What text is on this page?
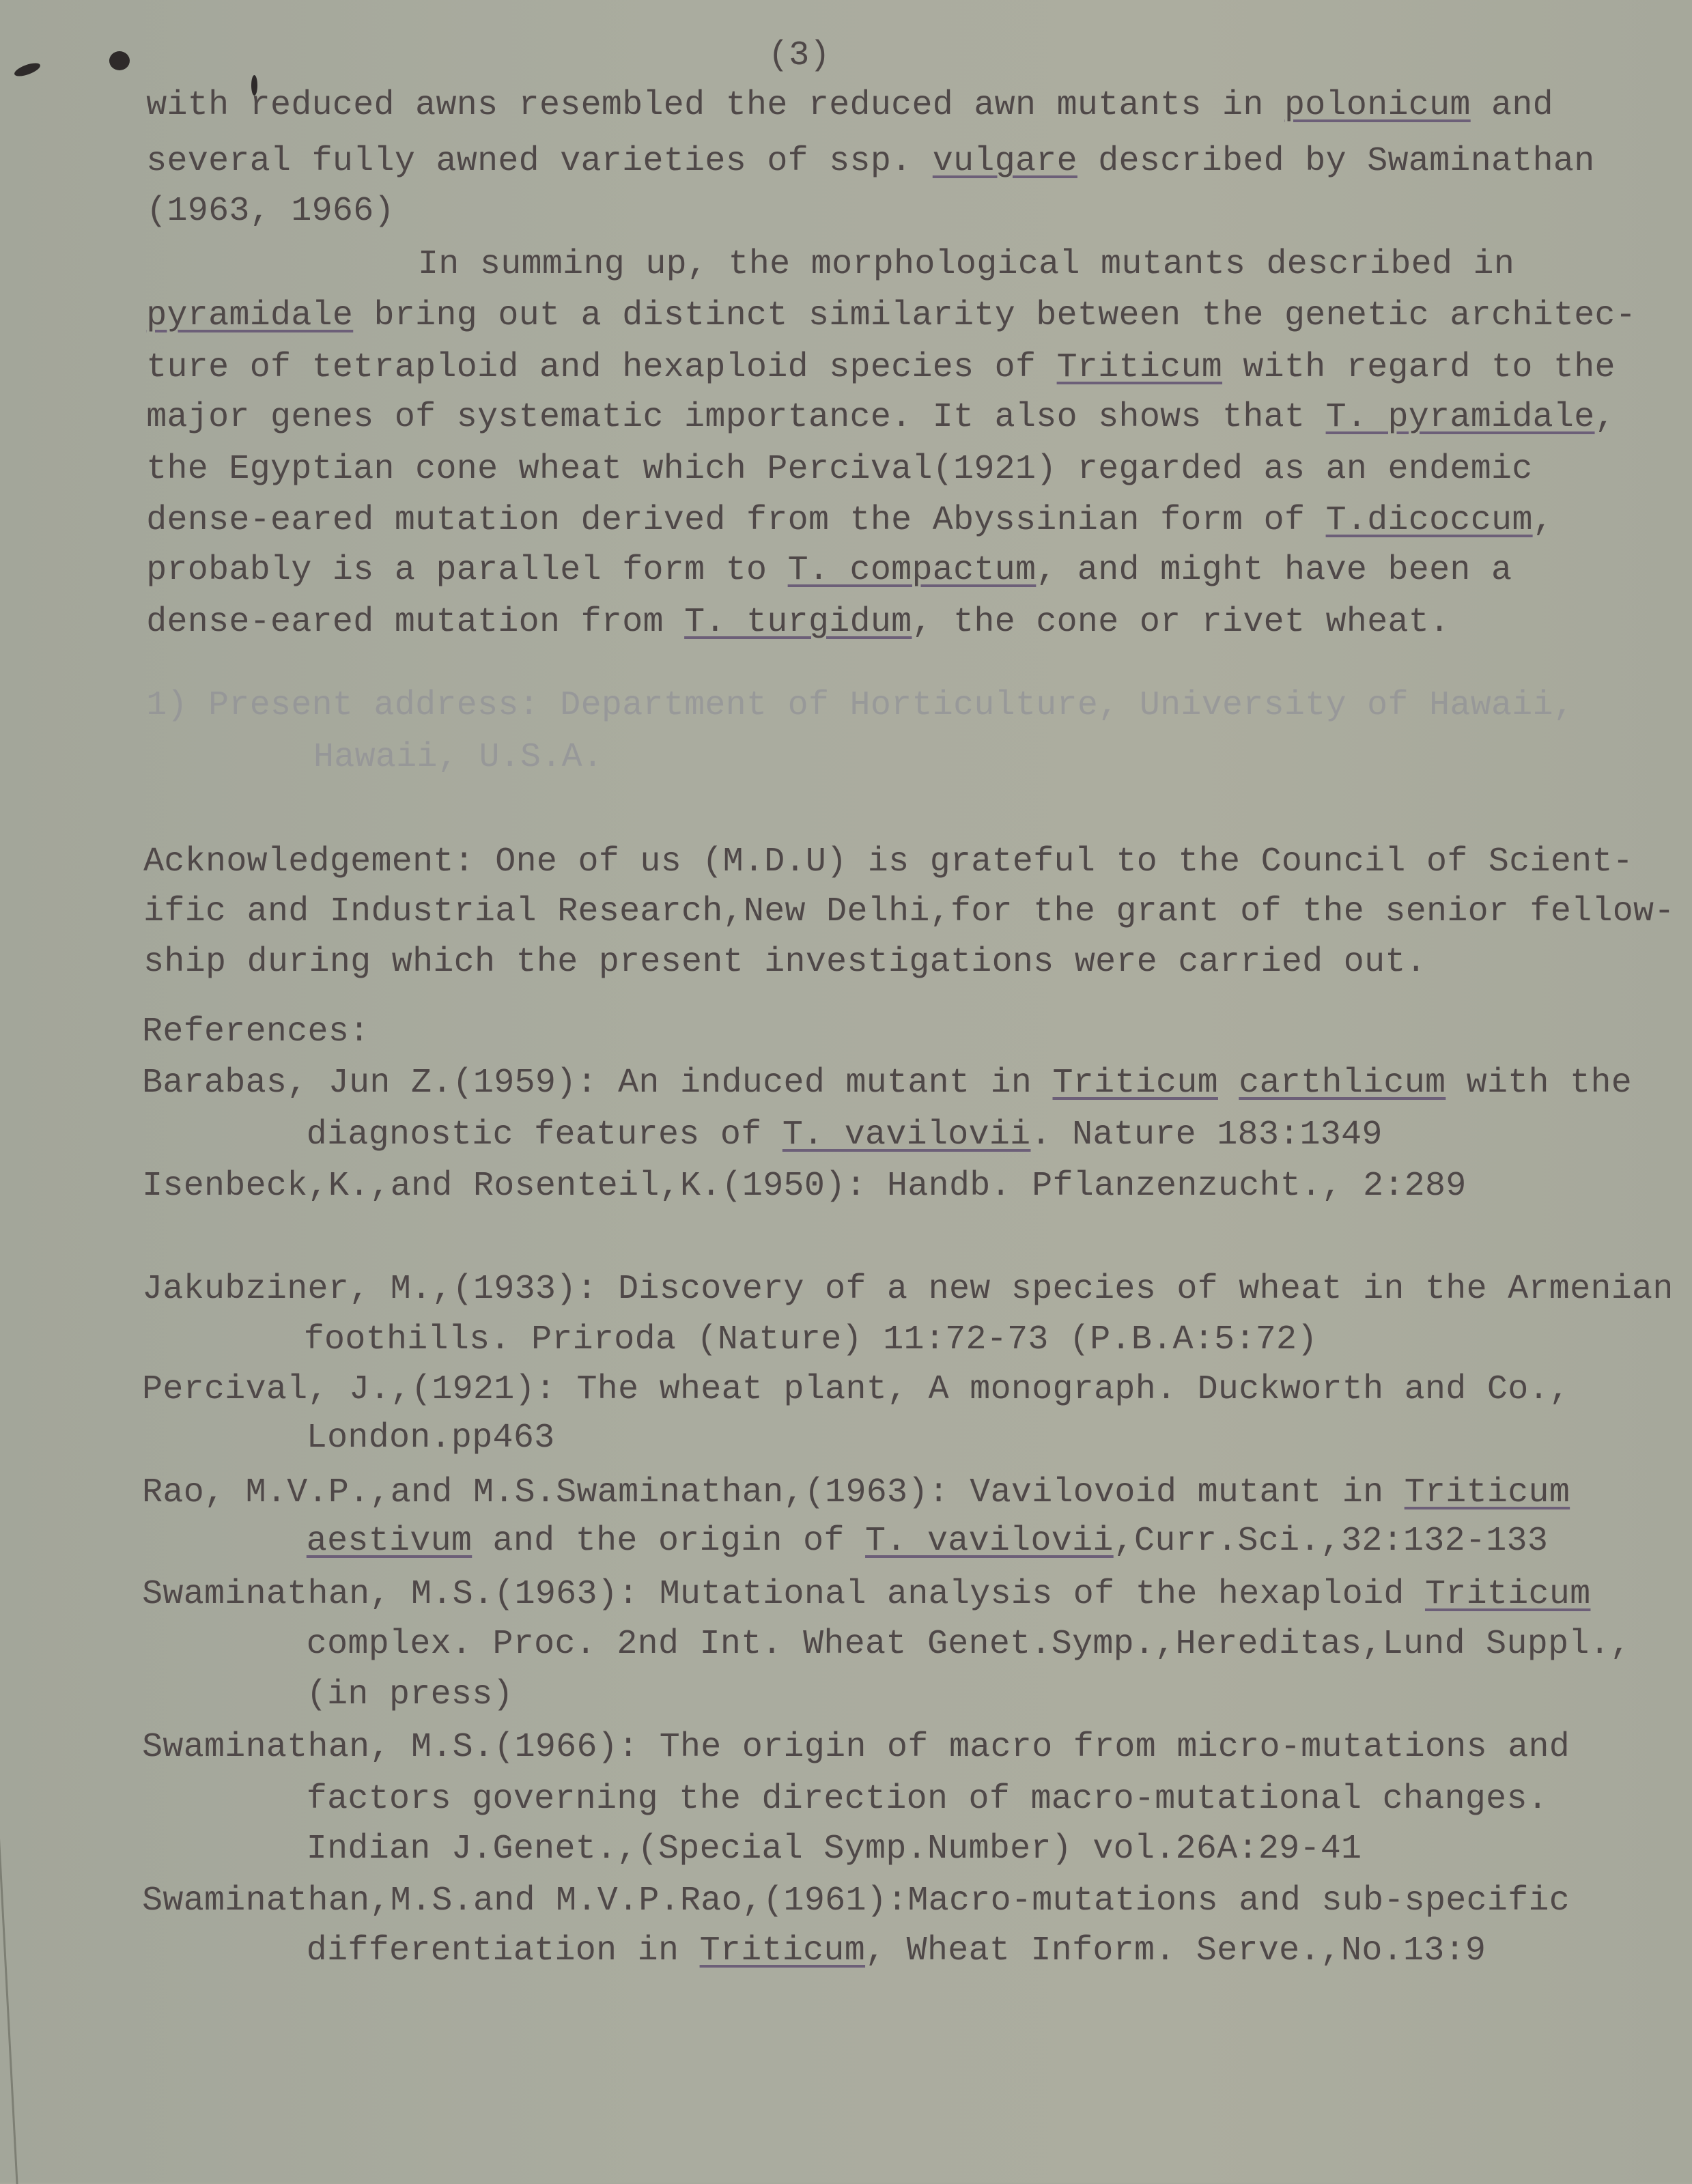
(3)
with reduced awns resembled the reduced awn mutants in polonicum and
several fully awned varieties of ssp. vulgare described by Swaminathan
(1963, 1966)
In summing up, the morphological mutants described in
pyramidale bring out a distinct similarity between the genetic architec-
ture of tetraploid and hexaploid species of Triticum with regard to the
major genes of systematic importance. It also shows that T. pyramidale,
the Egyptian cone wheat which Percival(1921) regarded as an endemic
dense-eared mutation derived from the Abyssinian form of T.dicoccum,
probably is a parallel form to T. compactum, and might have been a
dense-eared mutation from T. turgidum, the cone or rivet wheat.
1) Present address: Department of Horticulture, University of Hawaii,
Hawaii, U.S.A.
Acknowledgement: One of us (M.D.U) is grateful to the Council of Scient-
ific and Industrial Research,New Delhi,for the grant of the senior fellow-
ship during which the present investigations were carried out.
References:
Barabas, Jun Z.(1959): An induced mutant in Triticum carthlicum with the
diagnostic features of T. vavilovii. Nature 183:1349
Isenbeck,K.,and Rosenteil,K.(1950): Handb. Pflanzenzucht., 2:289
Jakubziner, M.,(1933): Discovery of a new species of wheat in the Armenian
foothills. Priroda (Nature) 11:72-73 (P.B.A:5:72)
Percival, J.,(1921): The wheat plant, A monograph. Duckworth and Co.,
London.pp463
Rao, M.V.P.,and M.S.Swaminathan,(1963): Vavilovoid mutant in Triticum
aestivum and the origin of T. vavilovii,Curr.Sci.,32:132-133
Swaminathan, M.S.(1963): Mutational analysis of the hexaploid Triticum
complex. Proc. 2nd Int. Wheat Genet.Symp.,Hereditas,Lund Suppl.,
(in press)
Swaminathan, M.S.(1966): The origin of macro from micro-mutations and
factors governing the direction of macro-mutational changes.
Indian J.Genet.,(Special Symp.Number) vol.26A:29-41
Swaminathan,M.S.and M.V.P.Rao,(1961):Macro-mutations and sub-specific
differentiation in Triticum, Wheat Inform. Serve.,No.13:9
